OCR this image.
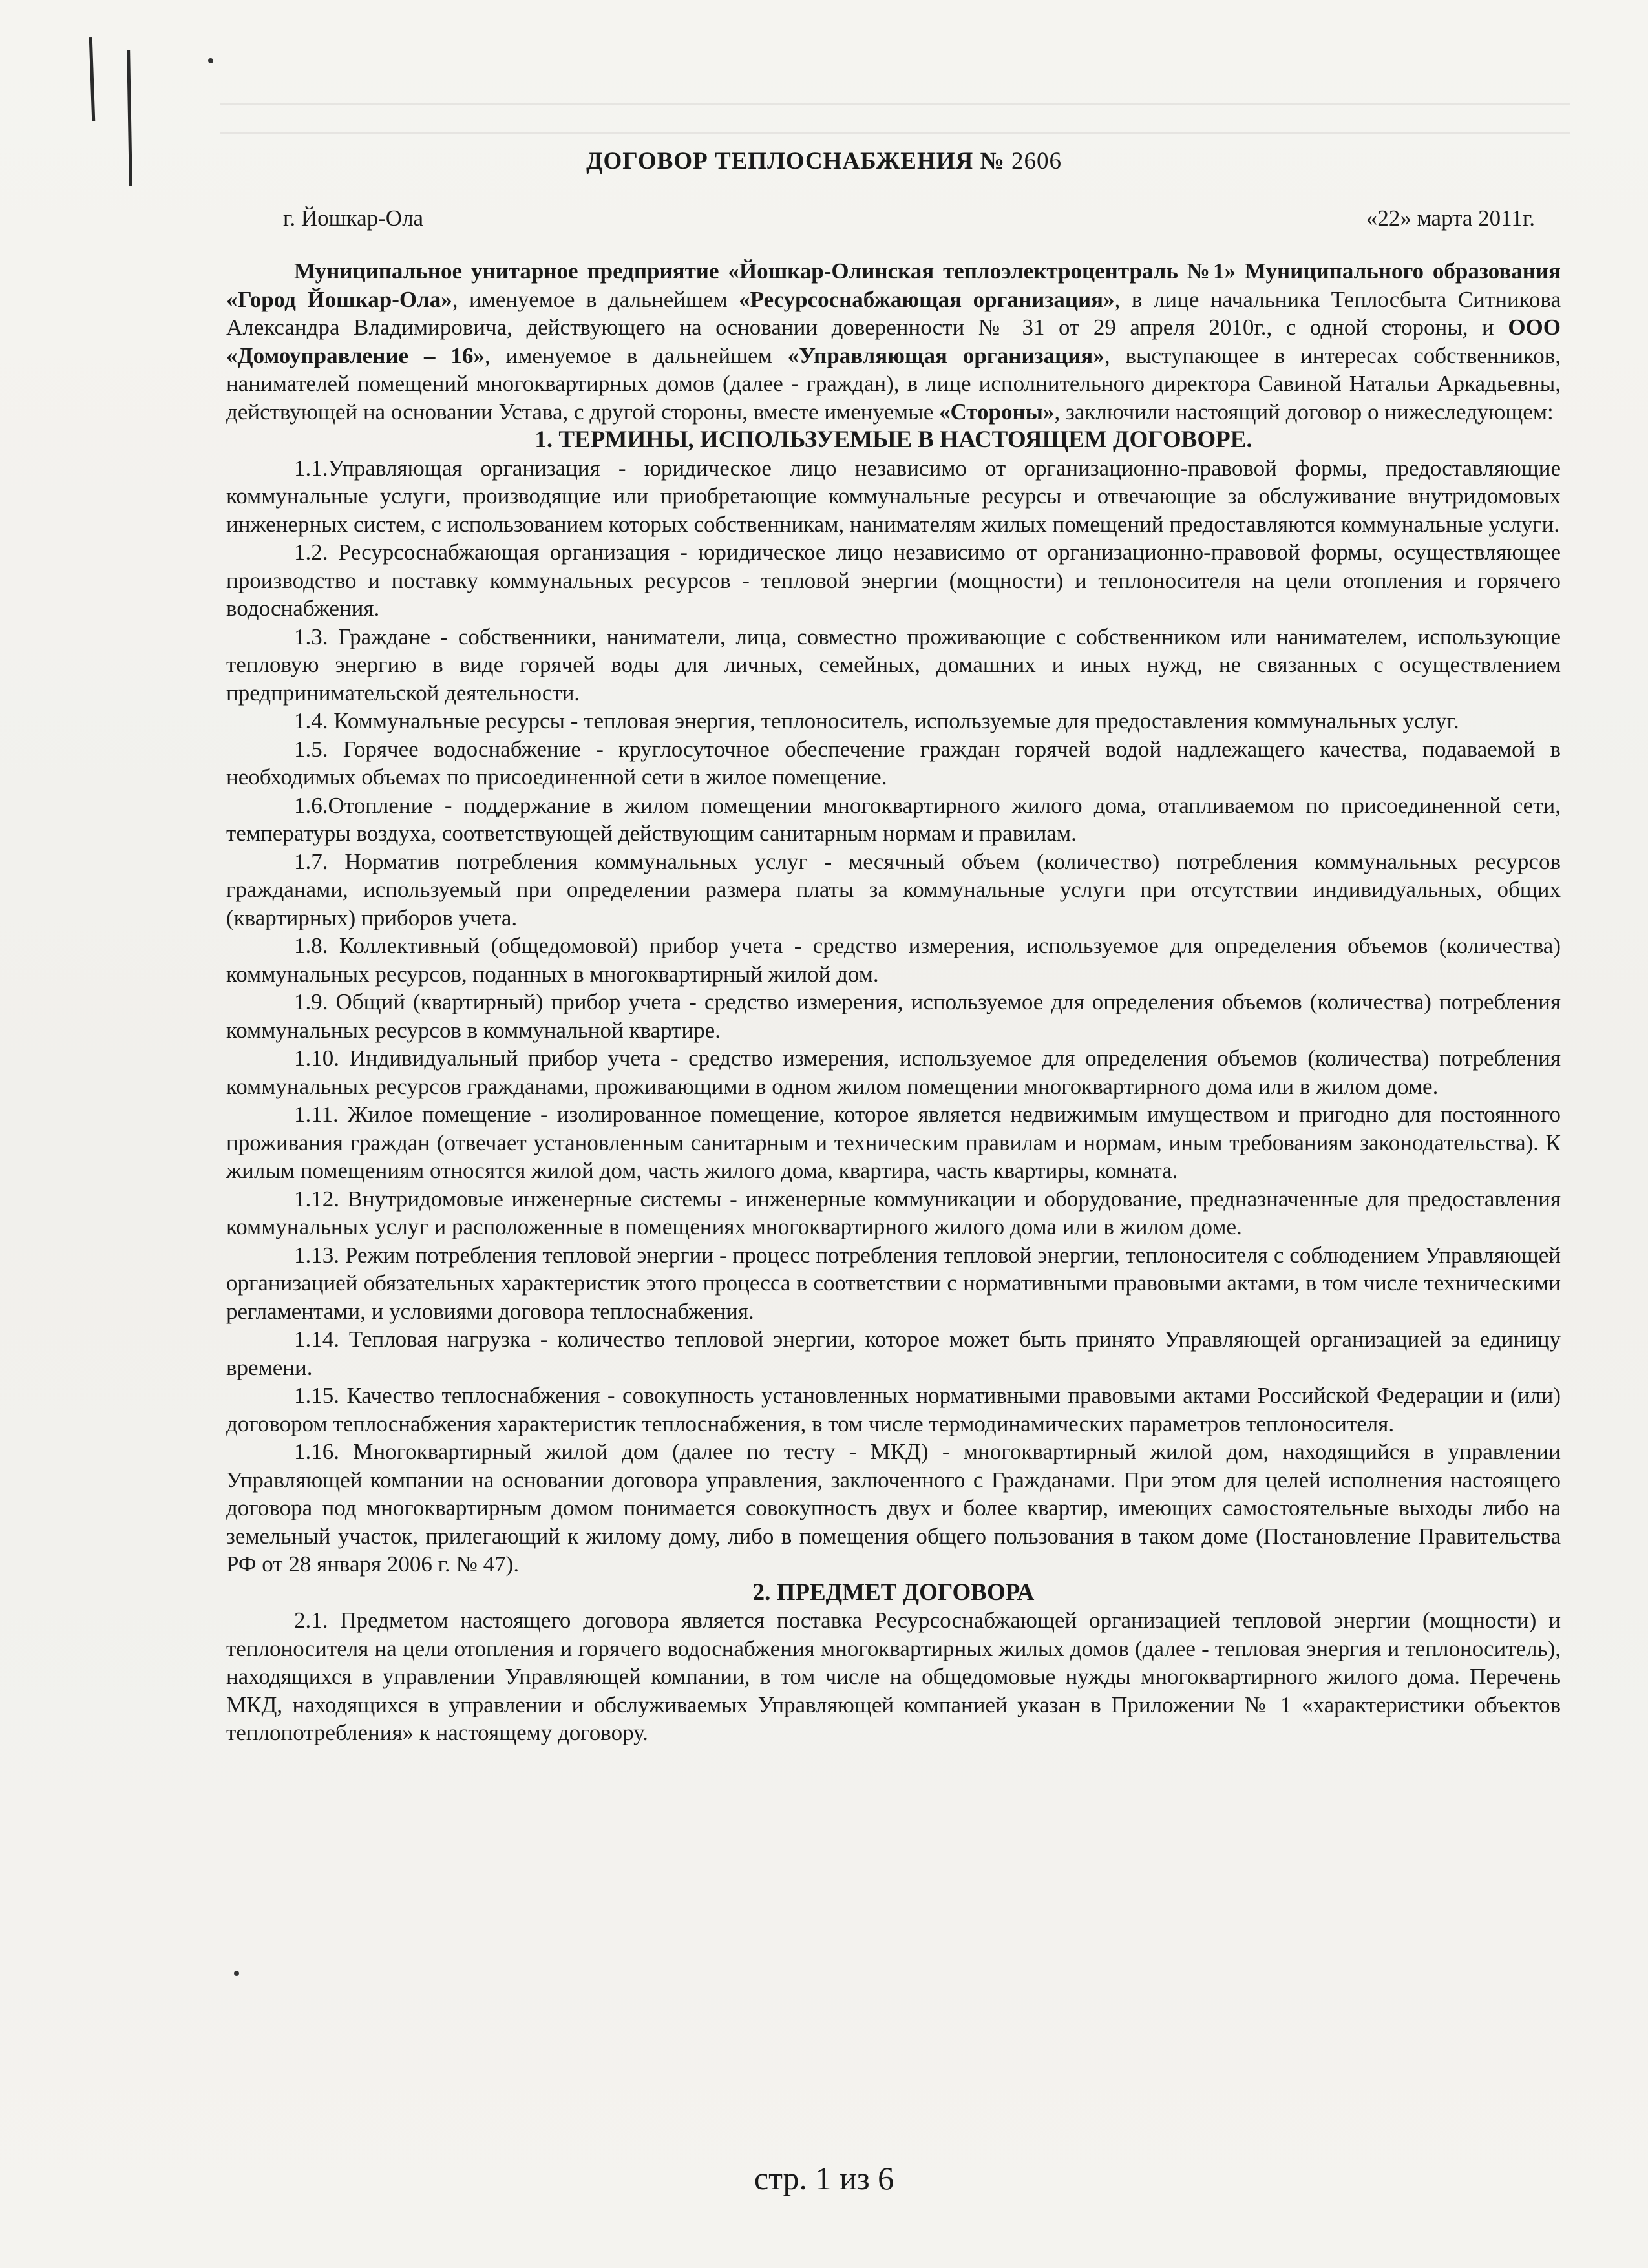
ДОГОВОР ТЕПЛОСНАБЖЕНИЯ № 2606
г. Йошкар-Ола	«22» марта 2011г.

Муниципальное унитарное предприятие «Йошкар-Олинская теплоэлектроцентраль №1» Муниципального образования «Город Йошкар-Ола», именуемое в дальнейшем «Ресурсоснабжающая организация», в лице начальника Теплосбыта Ситникова Александра Владимировича, действующего на основании доверенности № 31 от 29 апреля 2010г., с одной стороны, и ООО «Домоуправление – 16», именуемое в дальнейшем «Управляющая организация», выступающее в интересах собственников, нанимателей помещений многоквартирных домов (далее - граждан), в лице исполнительного директора Савиной Натальи Аркадьевны, действующей на основании Устава, с другой стороны, вместе именуемые «Стороны», заключили настоящий договор о нижеследующем:

1. ТЕРМИНЫ, ИСПОЛЬЗУЕМЫЕ В НАСТОЯЩЕМ ДОГОВОРЕ.

1.1.Управляющая организация - юридическое лицо независимо от организационно-правовой формы, предоставляющие коммунальные услуги, производящие или приобретающие коммунальные ресурсы и отвечающие за обслуживание внутридомовых инженерных систем, с использованием которых собственникам, нанимателям жилых помещений предоставляются коммунальные услуги.

1.2. Ресурсоснабжающая организация - юридическое лицо независимо от организационно-правовой формы, осуществляющее производство и поставку коммунальных ресурсов - тепловой энергии (мощности) и теплоносителя на цели отопления и горячего водоснабжения.

1.3. Граждане - собственники, наниматели, лица, совместно проживающие с собственником или нанимателем, использующие тепловую энергию в виде горячей воды для личных, семейных, домашних и иных нужд, не связанных с осуществлением предпринимательской деятельности.

1.4. Коммунальные ресурсы - тепловая энергия, теплоноситель, используемые для предоставления коммунальных услуг.

1.5. Горячее водоснабжение - круглосуточное обеспечение граждан горячей водой надлежащего качества, подаваемой в необходимых объемах по присоединенной сети в жилое помещение.

1.6.Отопление - поддержание в жилом помещении многоквартирного жилого дома, отапливаемом по присоединенной сети, температуры воздуха, соответствующей действующим санитарным нормам и правилам.

1.7. Норматив потребления коммунальных услуг - месячный объем (количество) потребления коммунальных ресурсов гражданами, используемый при определении размера платы за коммунальные услуги при отсутствии индивидуальных, общих (квартирных) приборов учета.

1.8. Коллективный (общедомовой) прибор учета - средство измерения, используемое для определения объемов (количества) коммунальных ресурсов, поданных в многоквартирный жилой дом.

1.9. Общий (квартирный) прибор учета - средство измерения, используемое для определения объемов (количества) потребления коммунальных ресурсов в коммунальной квартире.

1.10. Индивидуальный прибор учета - средство измерения, используемое для определения объемов (количества) потребления коммунальных ресурсов гражданами, проживающими в одном жилом помещении многоквартирного дома или в жилом доме.

1.11. Жилое помещение - изолированное помещение, которое является недвижимым имуществом и пригодно для постоянного проживания граждан (отвечает установленным санитарным и техническим правилам и нормам, иным требованиям законодательства). К жилым помещениям относятся жилой дом, часть жилого дома, квартира, часть квартиры, комната.

1.12. Внутридомовые инженерные системы - инженерные коммуникации и оборудование, предназначенные для предоставления коммунальных услуг и расположенные в помещениях многоквартирного жилого дома или в жилом доме.

1.13. Режим потребления тепловой энергии - процесс потребления тепловой энергии, теплоносителя с соблюдением Управляющей организацией обязательных характеристик этого процесса в соответствии с нормативными правовыми актами, в том числе техническими регламентами, и условиями договора теплоснабжения.

1.14. Тепловая нагрузка - количество тепловой энергии, которое может быть принято Управляющей организацией за единицу времени.

1.15. Качество теплоснабжения - совокупность установленных нормативными правовыми актами Российской Федерации и (или) договором теплоснабжения характеристик теплоснабжения, в том числе термодинамических параметров теплоносителя.

1.16. Многоквартирный жилой дом (далее по тесту - МКД) - многоквартирный жилой дом, находящийся в управлении Управляющей компании на основании договора управления, заключенного с Гражданами. При этом для целей исполнения настоящего договора под многоквартирным домом понимается совокупность двух и более квартир, имеющих самостоятельные выходы либо на земельный участок, прилегающий к жилому дому, либо в помещения общего пользования в таком доме (Постановление Правительства РФ от 28 января 2006 г. № 47).

2. ПРЕДМЕТ ДОГОВОРА

2.1. Предметом настоящего договора является поставка Ресурсоснабжающей организацией тепловой энергии (мощности) и теплоносителя на цели отопления и горячего водоснабжения многоквартирных жилых домов (далее - тепловая энергия и теплоноситель), находящихся в управлении Управляющей компании, в том числе на общедомовые нужды многоквартирного жилого дома. Перечень МКД, находящихся в управлении и обслуживаемых Управляющей компанией указан в Приложении № 1 «характеристики объектов теплопотребления» к настоящему договору.

стр. 1 из 6
